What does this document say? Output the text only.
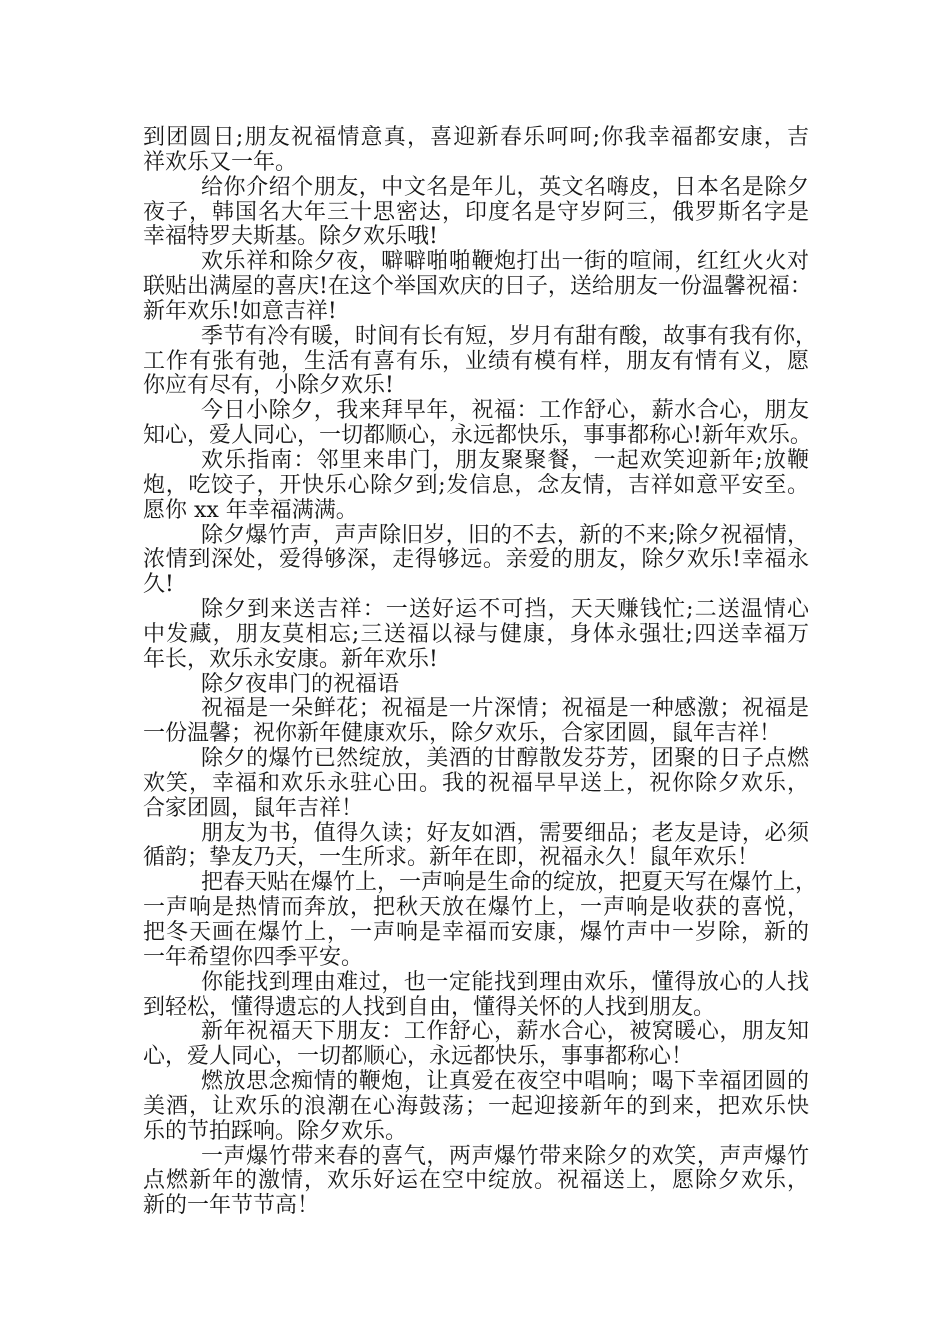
到团圆日;朋友祝福情意真，喜迎新春乐呵呵;你我幸福都安康，吉
祥欢乐又一年。
给你介绍个朋友，中文名是年儿，英文名嗨皮，日本名是除夕
夜子，韩国名大年三十思密达，印度名是守岁阿三，俄罗斯名字是
幸福特罗夫斯基。除夕欢乐哦!
欢乐祥和除夕夜，噼噼啪啪鞭炮打出一街的喧闹，红红火火对
联贴出满屋的喜庆!在这个举国欢庆的日子，送给朋友一份温馨祝福：
新年欢乐!如意吉祥!
季节有冷有暖，时间有长有短，岁月有甜有酸，故事有我有你，
工作有张有弛，生活有喜有乐，业绩有模有样，朋友有情有义，愿
你应有尽有，小除夕欢乐!
今日小除夕，我来拜早年，祝福：工作舒心，薪水合心，朋友
知心，爱人同心，一切都顺心，永远都快乐，事事都称心!新年欢乐。
欢乐指南：邻里来串门，朋友聚聚餐，一起欢笑迎新年;放鞭
炮，吃饺子，开快乐心除夕到;发信息，念友情，吉祥如意平安至。
愿你 xx 年幸福满满。
除夕爆竹声，声声除旧岁，旧的不去，新的不来;除夕祝福情，
浓情到深处，爱得够深，走得够远。亲爱的朋友，除夕欢乐!幸福永
久!
除夕到来送吉祥：一送好运不可挡，天天赚钱忙;二送温情心
中发藏，朋友莫相忘;三送福以禄与健康，身体永强壮;四送幸福万
年长，欢乐永安康。新年欢乐!
除夕夜串门的祝福语
祝福是一朵鲜花；祝福是一片深情；祝福是一种感激；祝福是
一份温馨；祝你新年健康欢乐，除夕欢乐，合家团圆，鼠年吉祥！
除夕的爆竹已然绽放，美酒的甘醇散发芬芳，团聚的日子点燃
欢笑，幸福和欢乐永驻心田。我的祝福早早送上，祝你除夕欢乐，
合家团圆，鼠年吉祥！
朋友为书，值得久读；好友如酒，需要细品；老友是诗，必须
循韵；挚友乃天，一生所求。新年在即，祝福永久！鼠年欢乐！
把春天贴在爆竹上，一声响是生命的绽放，把夏天写在爆竹上，
一声响是热情而奔放，把秋天放在爆竹上，一声响是收获的喜悦，
把冬天画在爆竹上，一声响是幸福而安康，爆竹声中一岁除，新的
一年希望你四季平安。
你能找到理由难过，也一定能找到理由欢乐，懂得放心的人找
到轻松，懂得遗忘的人找到自由，懂得关怀的人找到朋友。
新年祝福天下朋友：工作舒心，薪水合心，被窝暖心，朋友知
心，爱人同心，一切都顺心，永远都快乐，事事都称心！
燃放思念痴情的鞭炮，让真爱在夜空中唱响；喝下幸福团圆的
美酒，让欢乐的浪潮在心海鼓荡；一起迎接新年的到来，把欢乐快
乐的节拍踩响。除夕欢乐。
一声爆竹带来春的喜气，两声爆竹带来除夕的欢笑，声声爆竹
点燃新年的激情，欢乐好运在空中绽放。祝福送上，愿除夕欢乐，
新的一年节节高！
